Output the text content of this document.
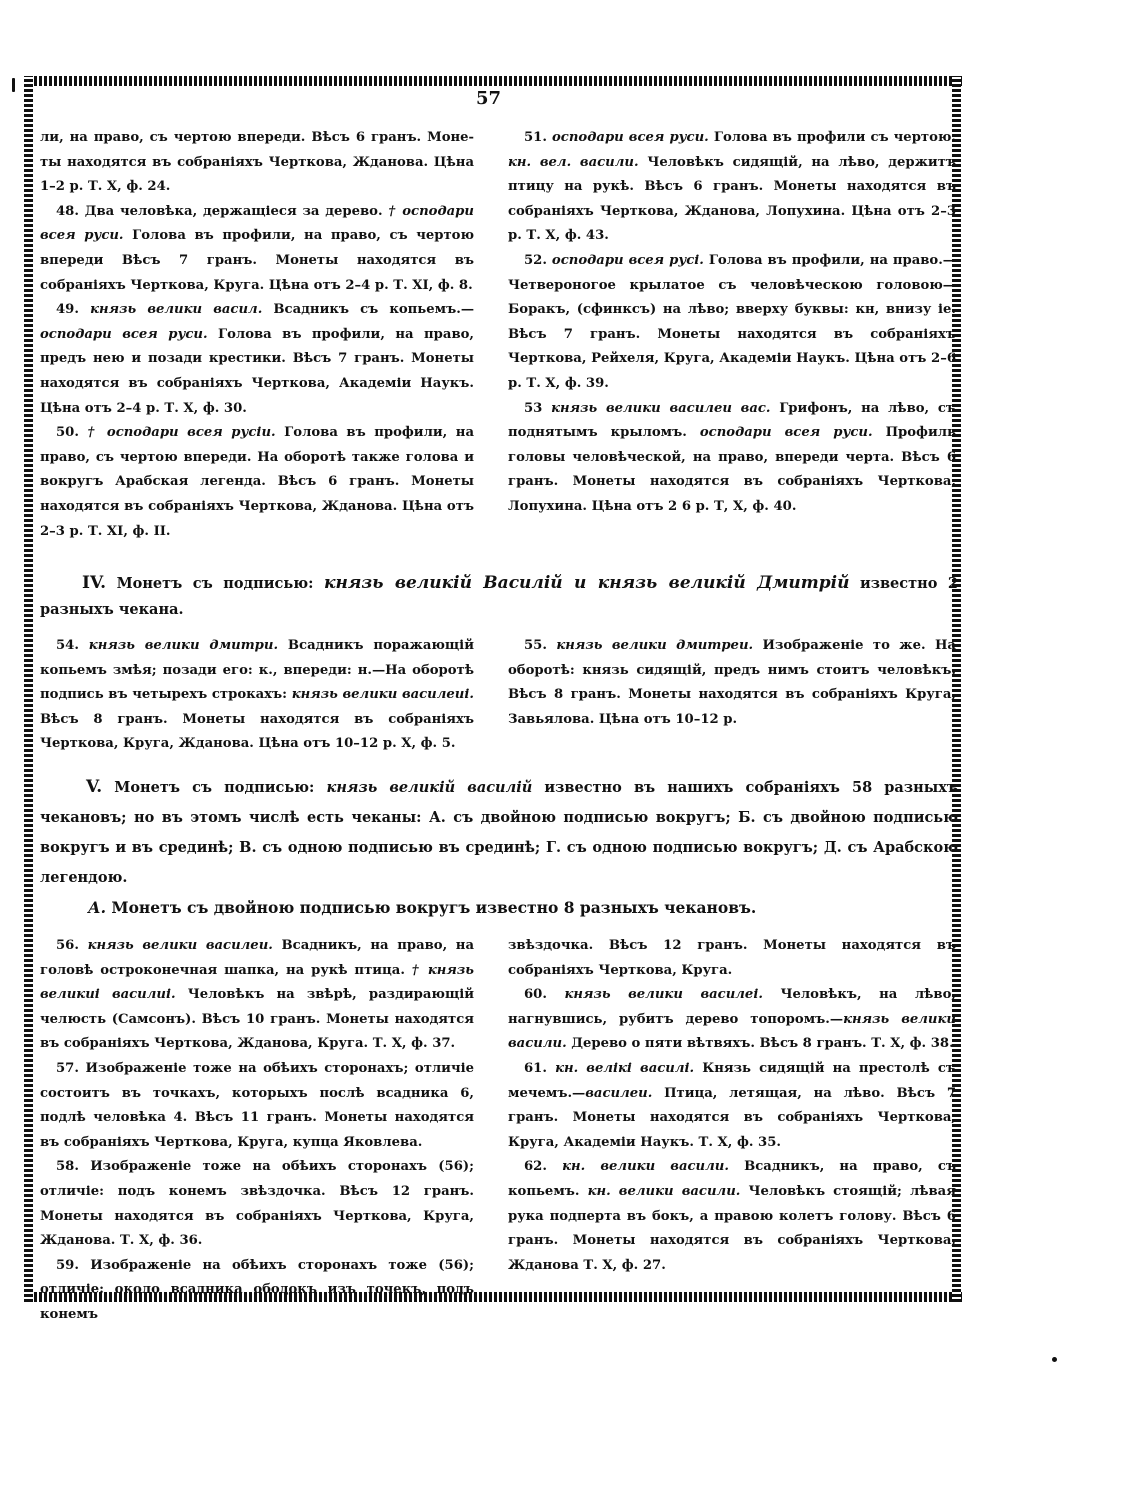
57

ли, на право, съ чертою впереди. Вѣсъ 6 гранъ. Моне-ты находятся въ собраніяхъ Черткова, Жданова. Цѣна 1–2 р. Т. X, ф. 24.

48. Два человѣка, держащіеся за дерево. † осподари всея руси. Голова въ профили, на право, съ чертою впереди Вѣсъ 7 гранъ. Монеты находятся въ собраніяхъ Черткова, Круга. Цѣна отъ 2–4 р. Т. XI, ф. 8.

49. князь велики васил. Всадникъ съ копьемъ.—осподари всея руси. Голова въ профили, на право, предъ нею и позади крестики. Вѣсъ 7 гранъ. Монеты находятся въ собраніяхъ Черткова, Академіи Наукъ. Цѣна отъ 2–4 р. Т. X, ф. 30.

50. † осподари всея русіи. Голова въ профили, на право, съ чертою впереди. На оборотѣ также голова и вокругъ Арабская легенда. Вѣсъ 6 гранъ. Монеты находятся въ собраніяхъ Черткова, Жданова. Цѣна отъ 2–3 р. Т. XI, ф. II.

51. осподари всея руси. Голова въ профили съ чертою. кн. вел. васили. Человѣкъ сидящій, на лѣво, держитъ птицу на рукѣ. Вѣсъ 6 гранъ. Монеты находятся въ собраніяхъ Черткова, Жданова, Лопухина. Цѣна отъ 2–3 р. Т. X, ф. 43.

52. осподари всея русі. Голова въ профили, на право.—Четвероногое крылатое съ человѣческою головою—Боракъ, (сфинксъ) на лѣво; вверху буквы: кн, внизу іе. Вѣсъ 7 гранъ. Монеты находятся въ собраніяхъ Черткова, Рейхеля, Круга, Академіи Наукъ. Цѣна отъ 2–6 р. Т. X, ф. 39.

53 князь велики василеи вас. Грифонъ, на лѣво, съ поднятымъ крыломъ. осподари всея руси. Профиль головы человѣческой, на право, впереди черта. Вѣсъ 6 гранъ. Монеты находятся въ собраніяхъ Черткова, Лопухина. Цѣна отъ 2 6 р. Т, X, ф. 40.

IV. Монетъ съ подписью: князь великій Василій и князь великій Дмитрій известно 2 разныхъ чекана.

54. князь велики дмитри. Всадникъ поражающій копьемъ змѣя; позади его: к., впереди: н.—На оборотѣ подпись въ четырехъ строкахъ: князь велики василеиі. Вѣсъ 8 гранъ. Монеты находятся въ собраніяхъ Черткова, Круга, Жданова. Цѣна отъ 10–12 р. X, ф. 5.

55. князь велики дмитреи. Изображеніе то же. На оборотѣ: князь сидящій, предъ нимъ стоитъ человѣкъ. Вѣсъ 8 гранъ. Монеты находятся въ собраніяхъ Круга, Завьялова. Цѣна отъ 10–12 р.

V. Монетъ съ подписью: князь великій василій известно въ нашихъ собраніяхъ 58 разныхъ чекановъ; но въ этомъ числѣ есть чеканы: А. съ двойною подписью вокругъ; Б. съ двойною подписью вокругъ и въ срединѣ; В. съ одною подписью въ срединѣ; Г. съ одною подписью вокругъ; Д. съ Арабскою легендою.
А. Монетъ съ двойною подписью вокругъ известно 8 разныхъ чекановъ.

56. князь велики василеи. Всадникъ, на право, на головѣ остроконечная шапка, на рукѣ птица. † князь великиі василиі. Человѣкъ на звѣрѣ, раздирающій челюсть (Самсонъ). Вѣсъ 10 гранъ. Монеты находятся въ собраніяхъ Черткова, Жданова, Круга. Т. X, ф. 37.

57. Изображеніе тоже на обѣихъ сторонахъ; отличіе состоитъ въ точкахъ, которыхъ послѣ всадника 6, подлѣ человѣка 4. Вѣсъ 11 гранъ. Монеты находятся въ собраніяхъ Черткова, Круга, купца Яковлева.

58. Изображеніе тоже на обѣихъ сторонахъ (56); отличіе: подъ конемъ звѣздочка. Вѣсъ 12 гранъ. Монеты находятся въ собраніяхъ Черткова, Круга, Жданова. Т. X, ф. 36.

59. Изображеніе на обѣихъ сторонахъ тоже (56); отличіе: около всадника ободокъ изъ точекъ, подъ конемъ

звѣздочка. Вѣсъ 12 гранъ. Монеты находятся въ собраніяхъ Черткова, Круга.

60. князь велики василеі. Человѣкъ, на лѣво, нагнувшись, рубитъ дерево топоромъ.—князь велики васили. Дерево о пяти вѣтвяхъ. Вѣсъ 8 гранъ. Т. X, ф. 38.

61. кн. велікі василі. Князь сидящій на престолѣ съ мечемъ.—василеи. Птица, летящая, на лѣво. Вѣсъ 7 гранъ. Монеты находятся въ собраніяхъ Черткова, Круга, Академіи Наукъ. Т. X, ф. 35.

62. кн. велики васили. Всадникъ, на право, съ копьемъ. кн. велики васили. Человѣкъ стоящій; лѣвая рука подперта въ бокъ, а правою колетъ голову. Вѣсъ 6 гранъ. Монеты находятся въ собраніяхъ Черткова, Жданова Т. X, ф. 27.
